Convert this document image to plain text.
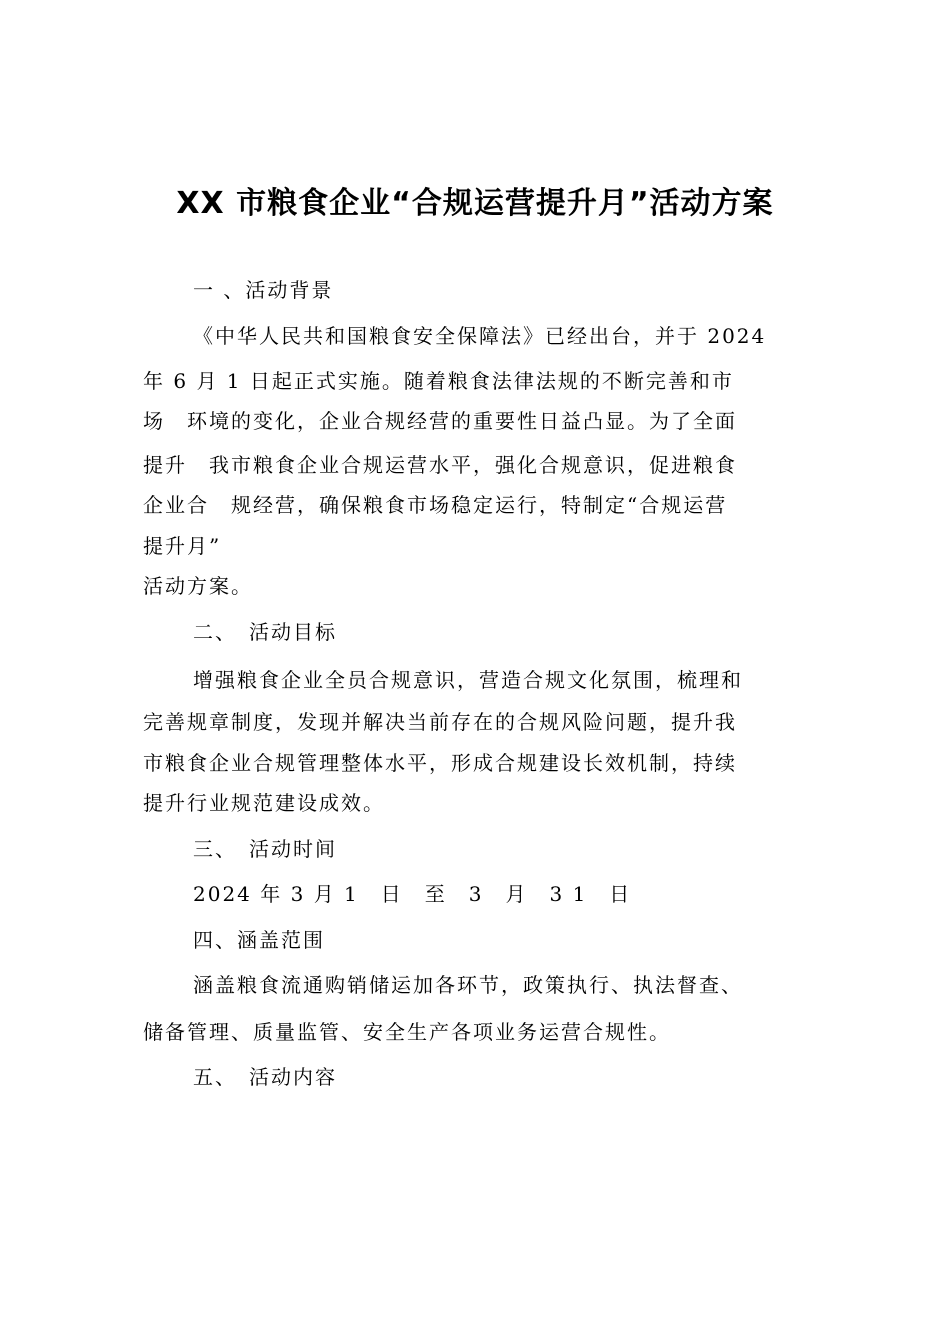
XX 市粮食企业“合规运营提升月”活动方案
一 、活动背景
《中华人民共和国粮食安全保障法》已经出台，并于 2024
年 6 月 1 日起正式实施。随着粮食法律法规的不断完善和市
场　环境的变化，企业合规经营的重要性日益凸显。为了全面
提升　我市粮食企业合规运营水平，强化合规意识，促进粮食
企业合　规经营，确保粮食市场稳定运行，特制定“合规运营
提升月”
活动方案。
二、　活动目标
增强粮食企业全员合规意识，营造合规文化氛围，梳理和
完善规章制度，发现并解决当前存在的合规风险问题，提升我
市粮食企业合规管理整体水平，形成合规建设长效机制，持续
提升行业规范建设成效。
三、　活动时间
2024 年 3 月 1　日　至　3　月　3 1　日
四、涵盖范围
涵盖粮食流通购销储运加各环节，政策执行、执法督查、
储备管理、质量监管、安全生产各项业务运营合规性。
五、　活动内容
